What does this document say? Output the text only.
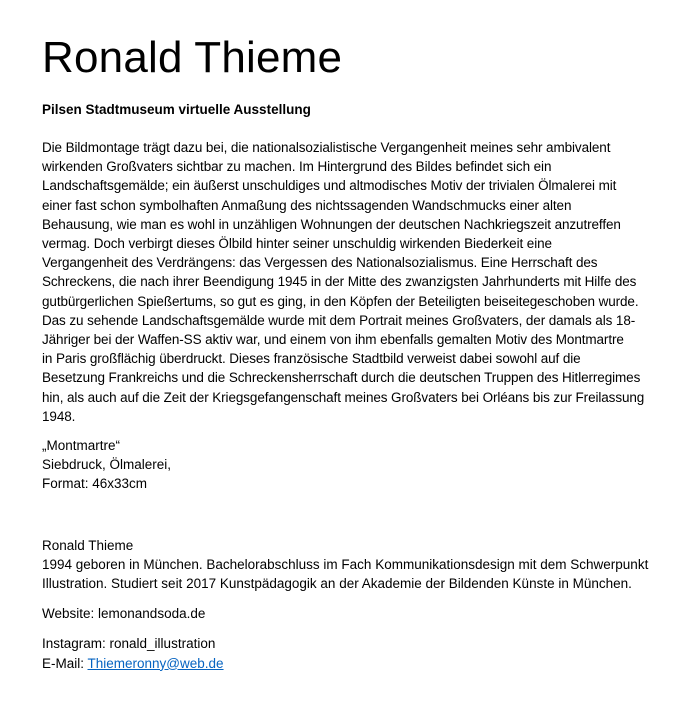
Ronald Thieme
Pilsen Stadtmuseum virtuelle Ausstellung
Die Bildmontage trägt dazu bei, die nationalsozialistische Vergangenheit meines sehr ambivalent
wirkenden Großvaters sichtbar zu machen. Im Hintergrund des Bildes befindet sich ein
Landschaftsgemälde; ein äußerst unschuldiges und altmodisches Motiv der trivialen Ölmalerei mit
einer fast schon symbolhaften Anmaßung des nichtssagenden Wandschmucks einer alten
Behausung, wie man es wohl in unzähligen Wohnungen der deutschen Nachkriegszeit anzutreffen
vermag. Doch verbirgt dieses Ölbild hinter seiner unschuldig wirkenden Biederkeit eine
Vergangenheit des Verdrängens: das Vergessen des Nationalsozialismus. Eine Herrschaft des
Schreckens, die nach ihrer Beendigung 1945 in der Mitte des zwanzigsten Jahrhunderts mit Hilfe des
gutbürgerlichen Spießertums, so gut es ging, in den Köpfen der Beteiligten beiseitegeschoben wurde.
Das zu sehende Landschaftsgemälde wurde mit dem Portrait meines Großvaters, der damals als 18-
Jähriger bei der Waffen-SS aktiv war, und einem von ihm ebenfalls gemalten Motiv des Montmartre
in Paris großflächig überdruckt. Dieses französische Stadtbild verweist dabei sowohl auf die
Besetzung Frankreichs und die Schreckensherrschaft durch die deutschen Truppen des Hitlerregimes
hin, als auch auf die Zeit der Kriegsgefangenschaft meines Großvaters bei Orléans bis zur Freilassung
1948.
„Montmartre“
Siebdruck, Ölmalerei,
Format: 46x33cm
Ronald Thieme
1994 geboren in München. Bachelorabschluss im Fach Kommunikationsdesign mit dem Schwerpunkt
Illustration. Studiert seit 2017 Kunstpädagogik an der Akademie der Bildenden Künste in München.
Website: lemonandsoda.de
Instagram: ronald_illustration
E-Mail: Thiemeronny@web.de
